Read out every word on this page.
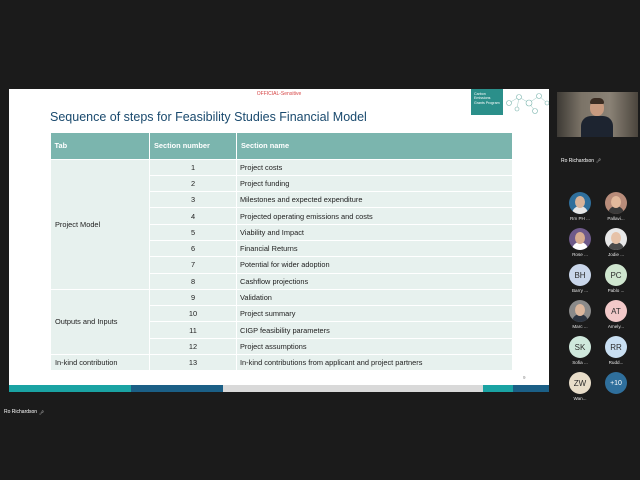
OFFICIAL-Sensitive
Sequence of steps for Feasibility Studies Financial Model
Carbon Emissions Grants Program
Tab	Section number	Section name
Project Model	1	Project costs
	2	Project funding
	3	Milestones and expected expenditure
	4	Projected operating emissions and costs
	5	Viability and Impact
	6	Financial Returns
	7	Potential for wider adoption
	8	Cashflow projections
Outputs and Inputs	9	Validation
	10	Project summary
	11	CIGP feasibility parameters
	12	Project assumptions
In-kind contribution	13	In-kind contributions from applicant and project partners
9
Ro Richardson 🎤︎
Ro Richardson 🎤︎
Rm PH ...	Pallavi...
Rose ...	Jodie ...
BH
Barry ...
PC
Pablo ...
Marc ...
AT
Amely...
SK
Sofia ...
RR
Rudd...
ZW
Wan...
+10
